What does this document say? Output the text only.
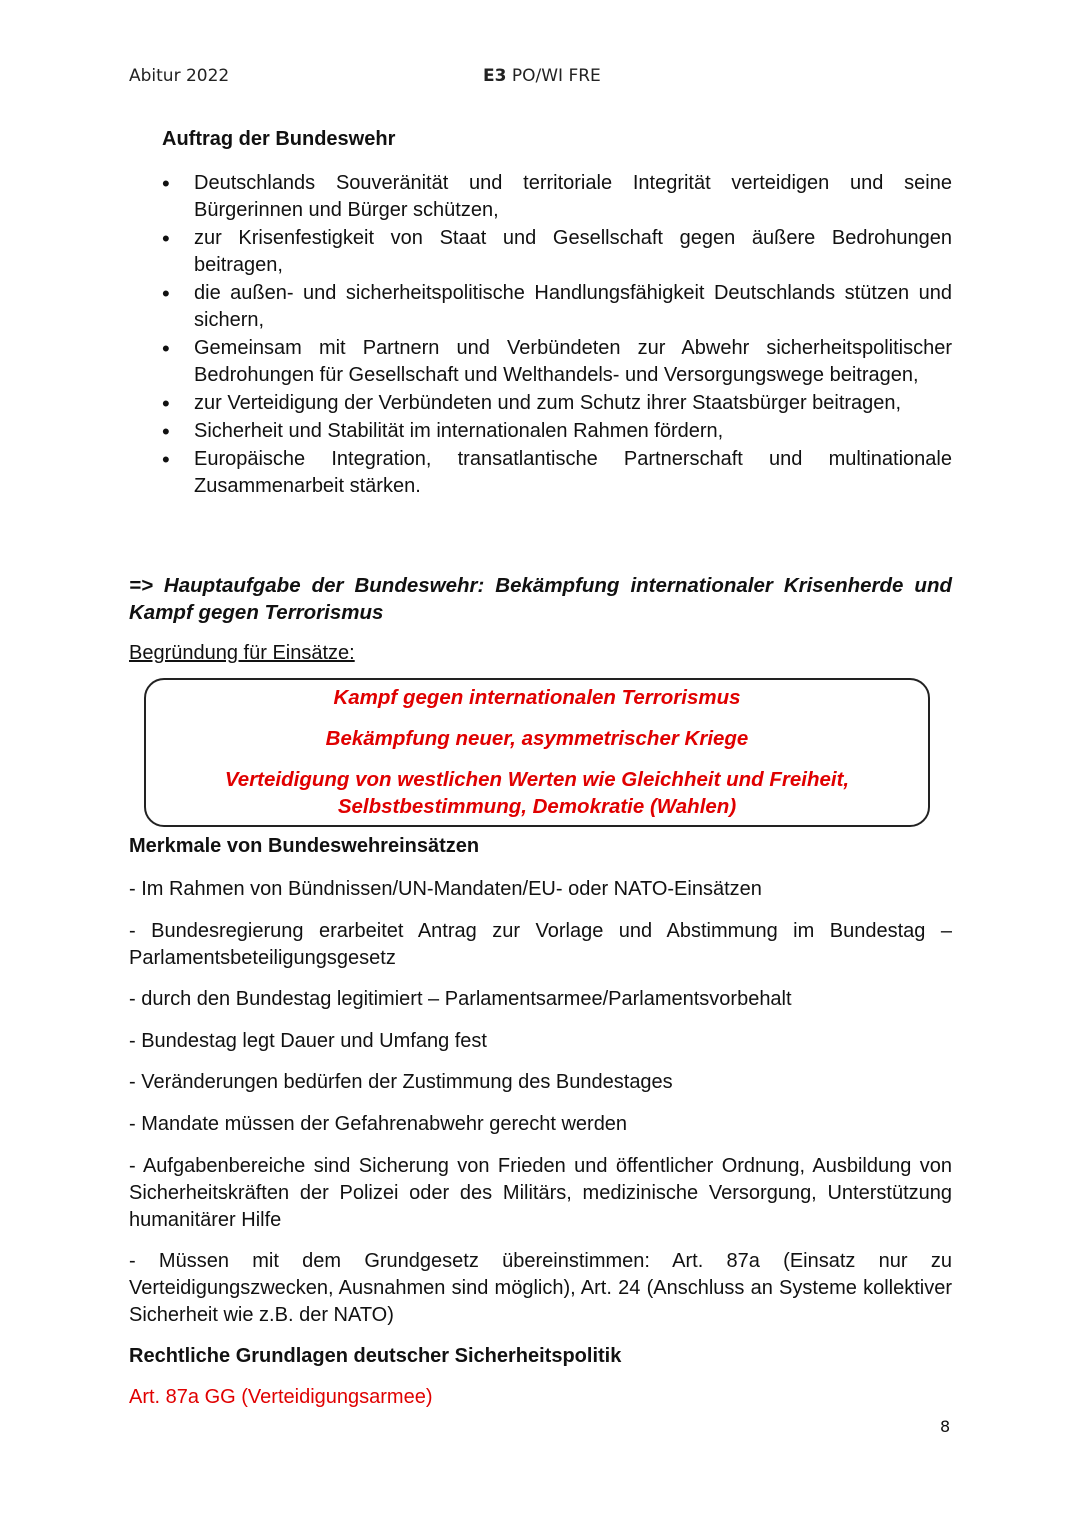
Abitur 2022	E3 PO/WI FRE
Auftrag der Bundeswehr
• Deutschlands Souveränität und territoriale Integrität verteidigen und seine Bürgerinnen und Bürger schützen,
• zur Krisenfestigkeit von Staat und Gesellschaft gegen äußere Bedrohungen beitragen,
• die außen- und sicherheitspolitische Handlungsfähigkeit Deutschlands stützen und sichern,
• Gemeinsam mit Partnern und Verbündeten zur Abwehr sicherheitspolitischer Bedrohungen für Gesellschaft und Welthandels- und Versorgungswege beitragen,
• zur Verteidigung der Verbündeten und zum Schutz ihrer Staatsbürger beitragen,
• Sicherheit und Stabilität im internationalen Rahmen fördern,
• Europäische Integration, transatlantische Partnerschaft und multinationale Zusammenarbeit stärken.
=> Hauptaufgabe der Bundeswehr: Bekämpfung internationaler Krisenherde und Kampf gegen Terrorismus
Begründung für Einsätze:
Kampf gegen internationalen Terrorismus
Bekämpfung neuer, asymmetrischer Kriege
Verteidigung von westlichen Werten wie Gleichheit und Freiheit,
Selbstbestimmung, Demokratie (Wahlen)
Merkmale von Bundeswehreinsätzen
- Im Rahmen von Bündnissen/UN-Mandaten/EU- oder NATO-Einsätzen
- Bundesregierung erarbeitet Antrag zur Vorlage und Abstimmung im Bundestag – Parlamentsbeteiligungsgesetz
- durch den Bundestag legitimiert – Parlamentsarmee/Parlamentsvorbehalt
- Bundestag legt Dauer und Umfang fest
- Veränderungen bedürfen der Zustimmung des Bundestages
- Mandate müssen der Gefahrenabwehr gerecht werden
- Aufgabenbereiche sind Sicherung von Frieden und öffentlicher Ordnung, Ausbildung von Sicherheitskräften der Polizei oder des Militärs, medizinische Versorgung, Unterstützung humanitärer Hilfe
- Müssen mit dem Grundgesetz übereinstimmen: Art. 87a (Einsatz nur zu Verteidigungszwecken, Ausnahmen sind möglich), Art. 24 (Anschluss an Systeme kollektiver Sicherheit wie z.B. der NATO)
Rechtliche Grundlagen deutscher Sicherheitspolitik
Art. 87a GG (Verteidigungsarmee)
8
